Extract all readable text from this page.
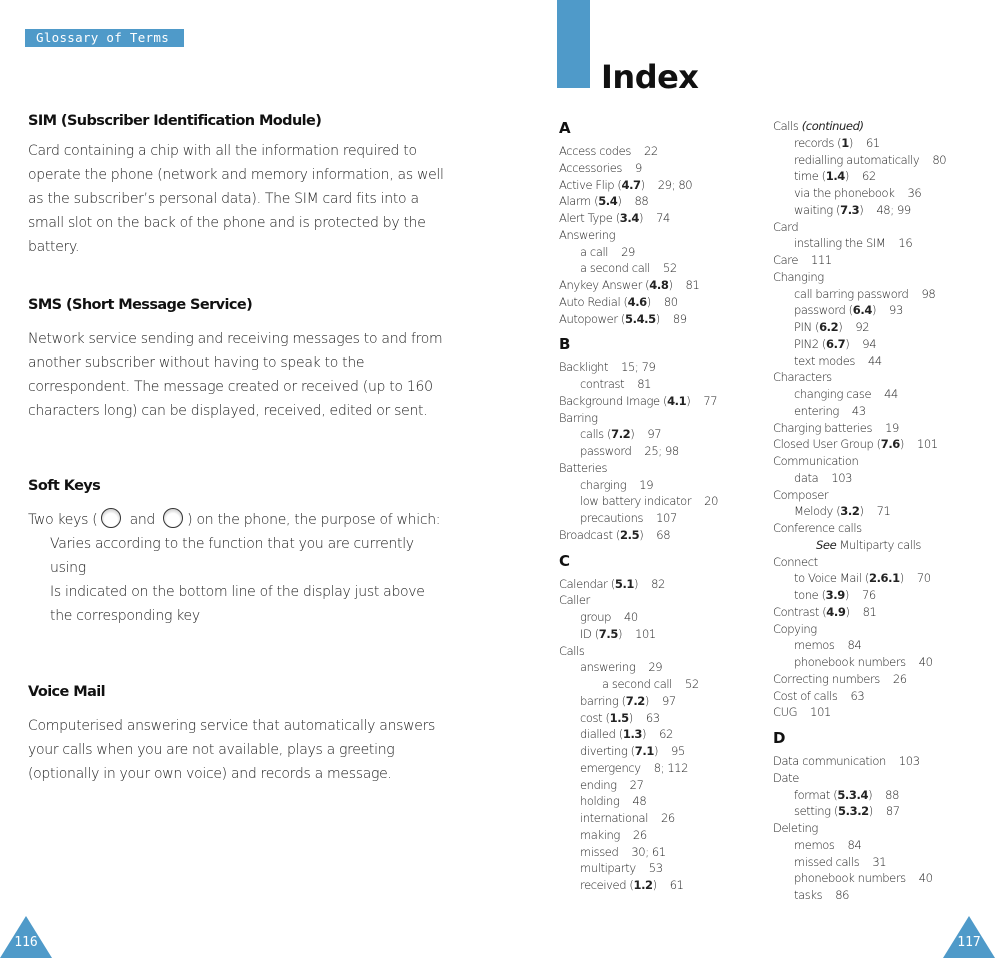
Glossary of Terms
SIM (Subscriber Identification Module)

Card containing a chip with all the information required to operate the phone (network and memory information, as well as the subscriber’s personal data). The SIM card fits into a small slot on the back of the phone and is protected by the battery.

SMS (Short Message Service)

Network service sending and receiving messages to and from another subscriber without having to speak to the correspondent. The message created or received (up to 160 characters long) can be displayed, received, edited or sent.

Soft Keys

Two keys ( and ) on the phone, the purpose of which:

Varies according to the function that you are currently using

Is indicated on the bottom line of the display just above the corresponding key

Voice Mail

Computerised answering service that automatically answers your calls when you are not available, plays a greeting (optionally in your own voice) and records a message.

116
Index
A
Access codes 22
Accessories 9
Active Flip (4.7) 29; 80
Alarm (5.4) 88
Alert Type (3.4) 74
Answering
a call 29
a second call 52
Anykey Answer (4.8) 81
Auto Redial (4.6) 80
Autopower (5.4.5) 89
B
Backlight 15; 79
contrast 81
Background Image (4.1) 77
Barring
calls (7.2) 97
password 25; 98
Batteries
charging 19
low battery indicator 20
precautions 107
Broadcast (2.5) 68
C
Calendar (5.1) 82
Caller
group 40
ID (7.5) 101
Calls
answering 29
a second call 52
barring (7.2) 97
cost (1.5) 63
dialled (1.3) 62
diverting (7.1) 95
emergency 8; 112
ending 27
holding 48
international 26
making 26
missed 30; 61
multiparty 53
received (1.2) 61
Calls (continued)
records (1) 61
redialling automatically 80
time (1.4) 62
via the phonebook 36
waiting (7.3) 48; 99
Card
installing the SIM 16
Care 111
Changing
call barring password 98
password (6.4) 93
PIN (6.2) 92
PIN2 (6.7) 94
text modes 44
Characters
changing case 44
entering 43
Charging batteries 19
Closed User Group (7.6) 101
Communication
data 103
Composer
Melody (3.2) 71
Conference calls
See Multiparty calls
Connect
to Voice Mail (2.6.1) 70
tone (3.9) 76
Contrast (4.9) 81
Copying
memos 84
phonebook numbers 40
Correcting numbers 26
Cost of calls 63
CUG 101
D
Data communication 103
Date
format (5.3.4) 88
setting (5.3.2) 87
Deleting
memos 84
missed calls 31
phonebook numbers 40
tasks 86
117
